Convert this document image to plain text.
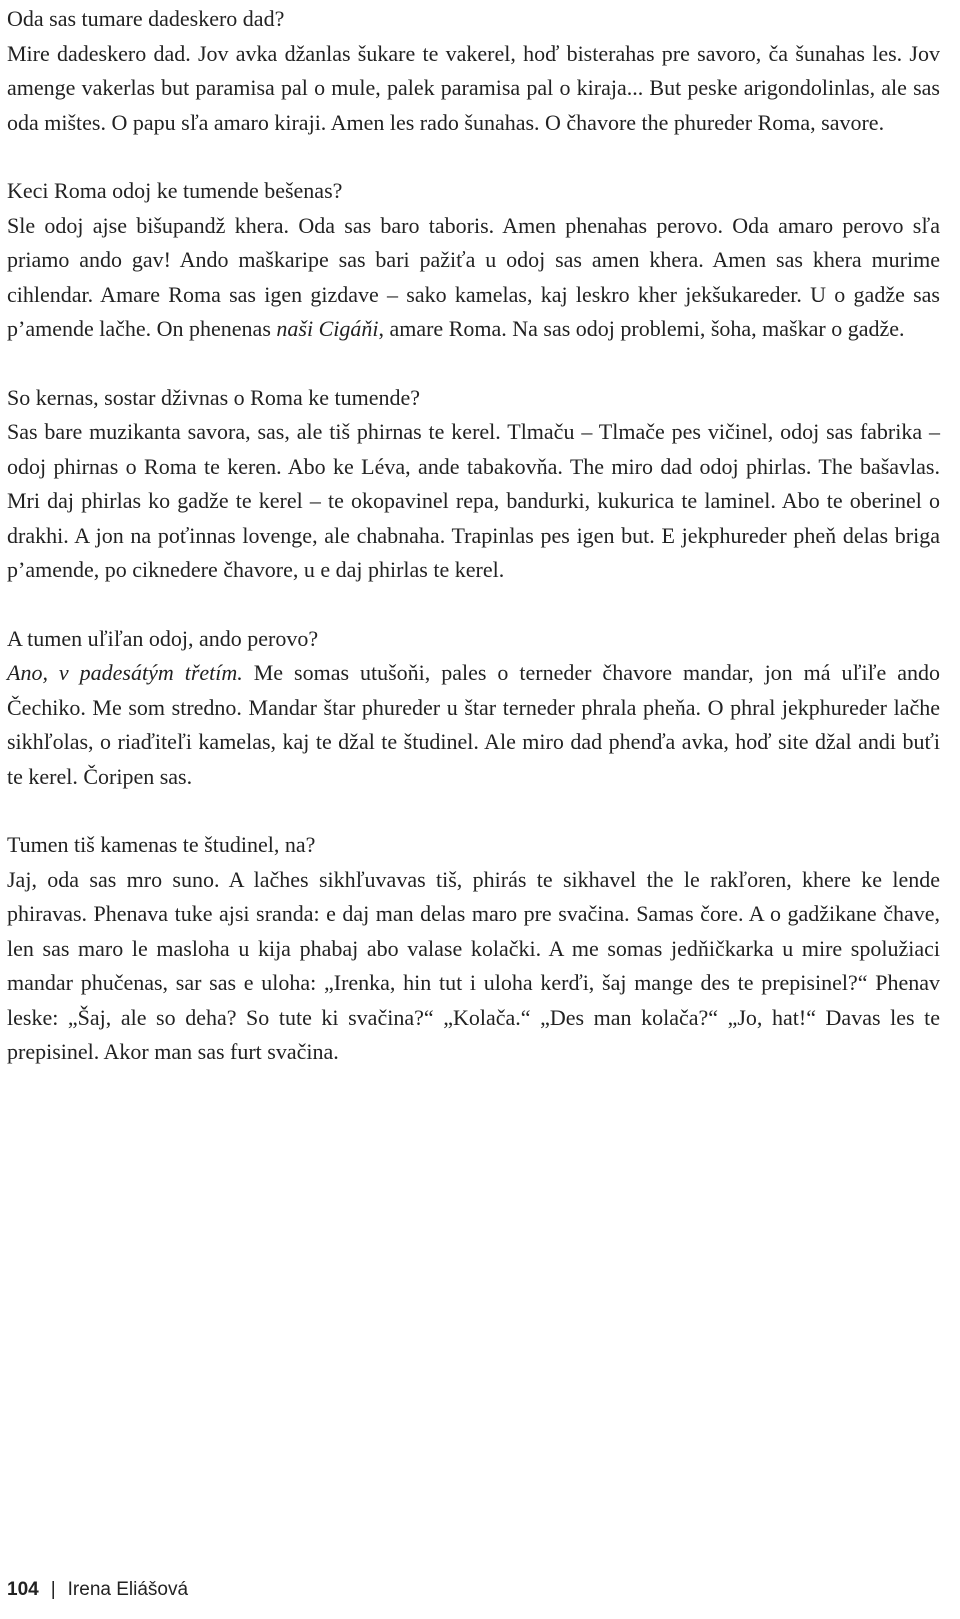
Oda sas tumare dadeskero dad?

Mire dadeskero dad. Jov avka džanlas šukare te vakerel, hoď bisterahas pre savoro, ča šunahas les. Jov amenge vakerlas but paramisa pal o mule, palek paramisa pal o kiraja... But peske arigondolinlas, ale sas oda mištes. O papu sľa amaro kiraji. Amen les rado šunahas. O čhavore the phureder Roma, savore.

Keci Roma odoj ke tumende bešenas?

Sle odoj ajse bišupandž khera. Oda sas baro taboris. Amen phenahas perovo. Oda amaro perovo sľa priamo ando gav! Ando maškaripe sas bari pažiťa u odoj sas amen khera. Amen sas khera murime cihlendar. Amare Roma sas igen gizdave – sako kamelas, kaj leskro kher jekšukareder. U o gadže sas p’amende lačhe. On phenenas naši Cigáňi, amare Roma. Na sas odoj problemi, šoha, maškar o gadže.

So kernas, sostar dživnas o Roma ke tumende?

Sas bare muzikanta savora, sas, ale tiš phirnas te kerel. Tlmaču – Tlmače pes vičinel, odoj sas fabrika – odoj phirnas o Roma te keren. Abo ke Léva, ande tabakovňa. The miro dad odoj phirlas. The bašavlas. Mri daj phirlas ko gadže te kerel – te okopavinel repa, bandurki, kukurica te laminel. Abo te oberinel o drakhi. A jon na poťinnas lovenge, ale chabnaha. Trapinlas pes igen but. E jekphureder pheň delas briga p’amende, po ciknedere čhavore, u e daj phirlas te kerel.

A tumen uľiľan odoj, ando perovo?

Ano, v padesátým třetím. Me somas utušoňi, pales o terneder čhavore mandar, jon má uľiľe ando Čechiko. Me som stredno. Mandar štar phureder u štar terneder phrala pheňa. O phral jekphureder lačhe sikhľolas, o riaďiteľi kamelas, kaj te džal te študinel. Ale miro dad phenďa avka, hoď site džal andi buťi te kerel. Čoripen sas.

Tumen tiš kamenas te študinel, na?

Jaj, oda sas mro suno. A lačhes sikhľuvavas tiš, phirás te sikhavel the le rakľoren, khere ke lende phiravas. Phenava tuke ajsi sranda: e daj man delas maro pre svačina. Samas čore. A o gadžikane čhave, len sas maro le masloha u kija phabaj abo valase kolački. A me somas jedňičkarka u mire spolužiaci mandar phučenas, sar sas e uloha: „Irenka, hin tut i uloha kerďi, šaj mange des te prepisinel?“ Phenav leske: „Šaj, ale so deha? So tute ki svačina?“ „Kolača.“ „Des man kolača?“ „Jo, hat!“ Davas les te prepisinel. Akor man sas furt svačina.

104 | Irena Eliášová
